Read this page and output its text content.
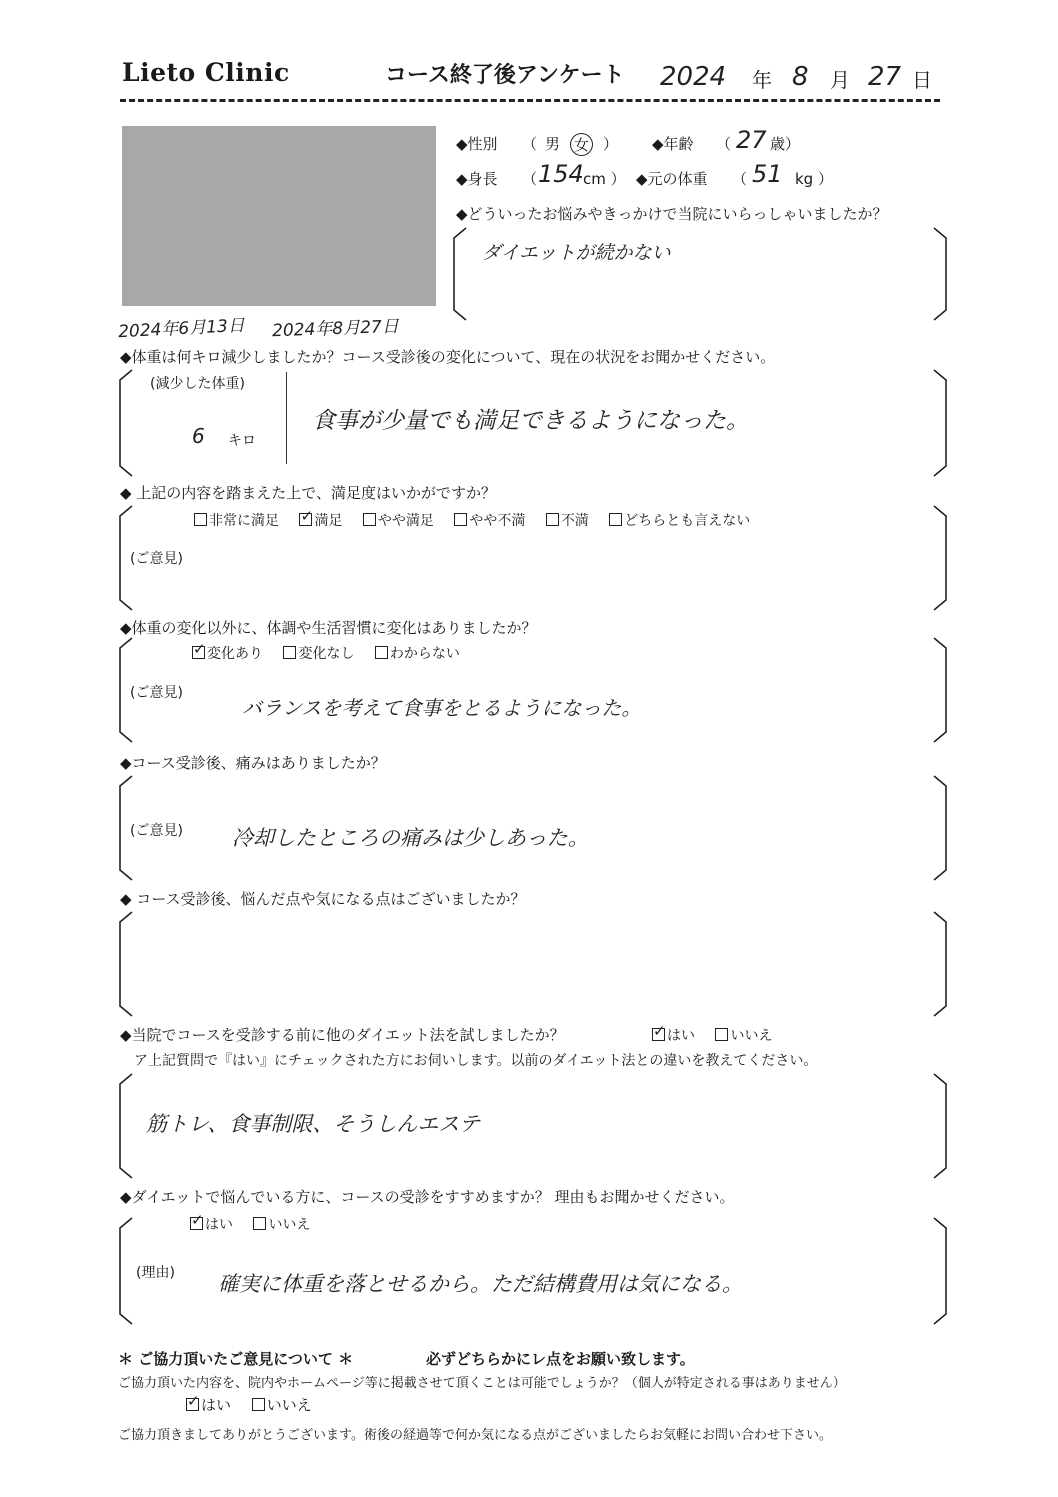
Lieto Clinic	コース終了後アンケート 2024 年 8 月 27 日
2024年6月13日 2024年8月27日
◆性別 （ 男 女 ） ◆年齢 （ 27 歳）
◆身長 （ 154 cm ） ◆元の体重 （ 51 kg ）
◆どういったお悩みやきっかけで当院にいらっしゃいましたか？
ダイエットが続かない
◆体重は何キロ減少しましたか？コース受診後の変化について、現在の状況をお聞かせください。
(減少した体重)
6 キロ
食事が少量でも満足できるようになった。
◆ 上記の内容を踏まえた上で、満足度はいかがですか？
非常に満足 ✓	満足	やや満足	やや不満	不満	どちらとも言えない
(ご意見)
◆体重の変化以外に、体調や生活習慣に変化はありましたか？
✓変化あり	変化なし	わからない
(ご意見)
バランスを考えて食事をとるようになった。
◆コース受診後、痛みはありましたか？
(ご意見) 冷却したところの痛みは少しあった。
◆ コース受診後、悩んだ点や気になる点はございましたか？
◆当院でコースを受診する前に他のダイエット法を試しましたか？ ✓	はい	いいえ
ア上記質問で『はい』にチェックされた方にお伺いします。以前のダイエット法との違いを教えてください。
筋トレ、食事制限、そうしんエステ
◆ダイエットで悩んでいる方に、コースの受診をすすめますか？ 理由もお聞かせください。
✓はい	いいえ
(理由) 確実に体重を落とせるから。ただ結構費用は気になる。
＊ ご協力頂いたご意見について ＊	必ずどちらかにレ点をお願い致します。
ご協力頂いた内容を、院内やホームページ等に掲載させて頂くことは可能でしょうか？（個人が特定される事はありません）
✓はい いいえ
ご協力頂きましてありがとうございます。術後の経過等で何か気になる点がございましたらお気軽にお問い合わせ下さい。
